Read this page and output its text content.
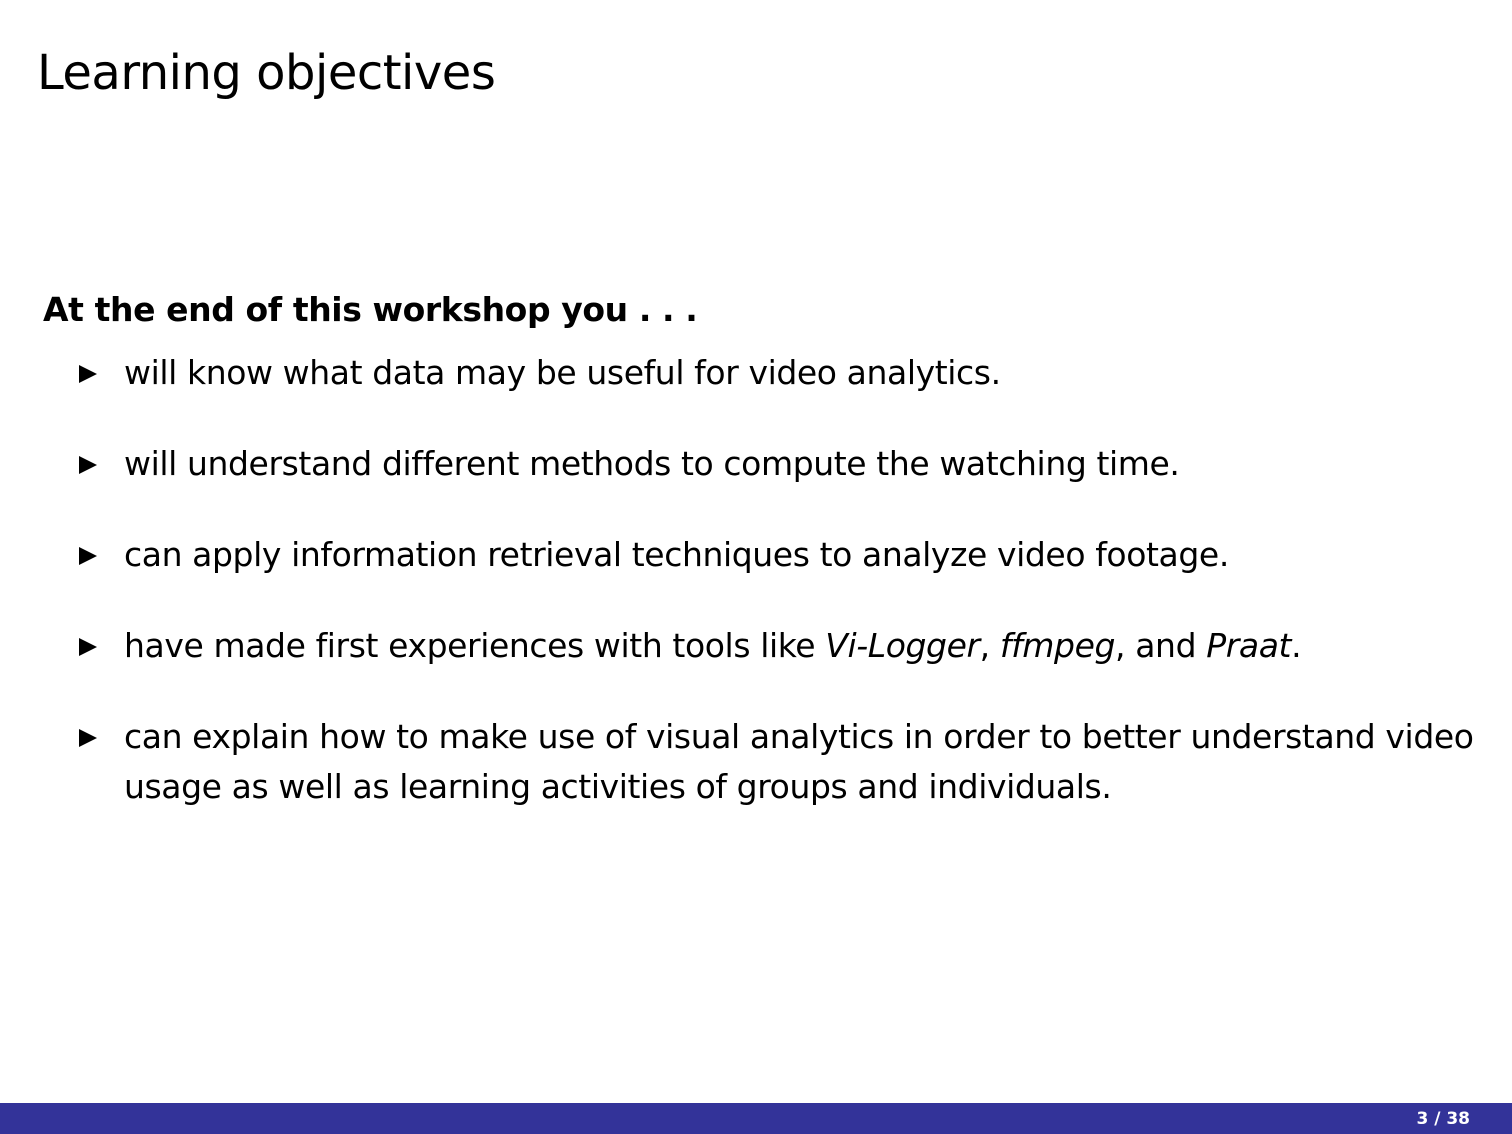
Learning objectives

At the end of this workshop you . . .

will know what data may be useful for video analytics.
will understand different methods to compute the watching time.
can apply information retrieval techniques to analyze video footage.
have made first experiences with tools like Vi-Logger, ffmpeg, and Praat.
can explain how to make use of visual analytics in order to better understand video usage as well as learning activities of groups and individuals.
3 / 38
